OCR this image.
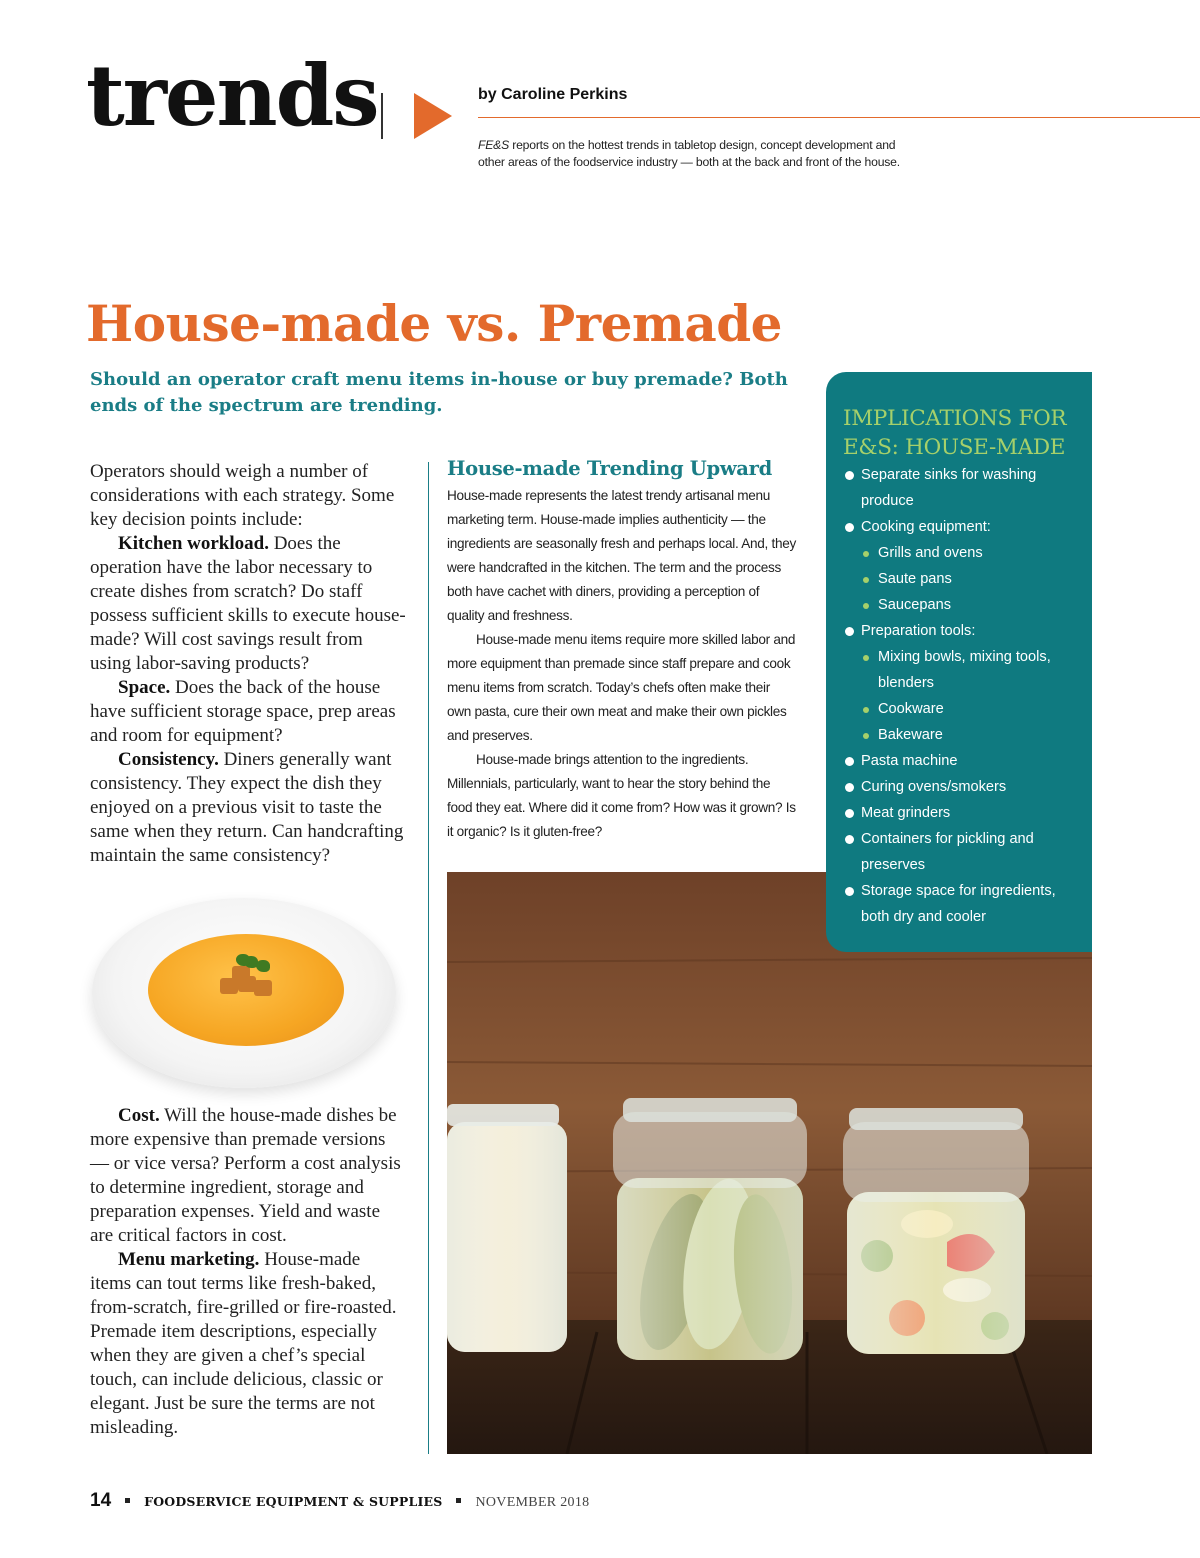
trends	by Caroline Perkins
FE&S reports on the hottest trends in tabletop design, concept development and other areas of the foodservice industry — both at the back and front of the house.
House-made vs. Premade
Should an operator craft menu items in-house or buy premade? Both ends of the spectrum are trending.

Operators should weigh a number of considerations with each strategy. Some key decision points include:

Kitchen workload. Does the operation have the labor necessary to create dishes from scratch? Do staff possess sufficient skills to execute house-made? Will cost savings result from using labor-saving products?

Space. Does the back of the house have sufficient storage space, prep areas and room for equipment?

Consistency. Diners generally want consistency. They expect the dish they enjoyed on a previous visit to taste the same when they return. Can handcrafting maintain the same consistency?

Cost. Will the house-made dishes be more expensive than premade versions — or vice versa? Perform a cost analysis to determine ingredient, storage and preparation expenses. Yield and waste are critical factors in cost.

Menu marketing. House-made items can tout terms like fresh-baked, from-scratch, fire-grilled or fire-roasted. Premade item descriptions, especially when they are given a chef’s special touch, can include delicious, classic or elegant. Just be sure the terms are not misleading.

House-made Trending Upward

House-made represents the latest trendy artisanal menu marketing term. House-made implies authenticity — the ingredients are seasonally fresh and perhaps local. And, they were handcrafted in the kitchen. The term and the process both have cachet with diners, providing a perception of quality and freshness.

House-made menu items require more skilled labor and more equipment than premade since staff prepare and cook menu items from scratch. Today’s chefs often make their own pasta, cure their own meat and make their own pickles and preserves.

House-made brings attention to the ingredients. Millennials, particularly, want to hear the story behind the food they eat. Where did it come from? How was it grown? Is it organic? Is it gluten-free?

IMPLICATIONS FOR E&S: HOUSE-MADE
Separate sinks for washing produce
Cooking equipment:
Grills and ovens
Saute pans
Saucepans
Preparation tools:
Mixing bowls, mixing tools, blenders
Cookware
Bakeware
Pasta machine
Curing ovens/smokers
Meat grinders
Containers for pickling and preserves
Storage space for ingredients, both dry and cooler
14	FOODSERVICE EQUIPMENT & SUPPLIES NOVEMBER 2018
